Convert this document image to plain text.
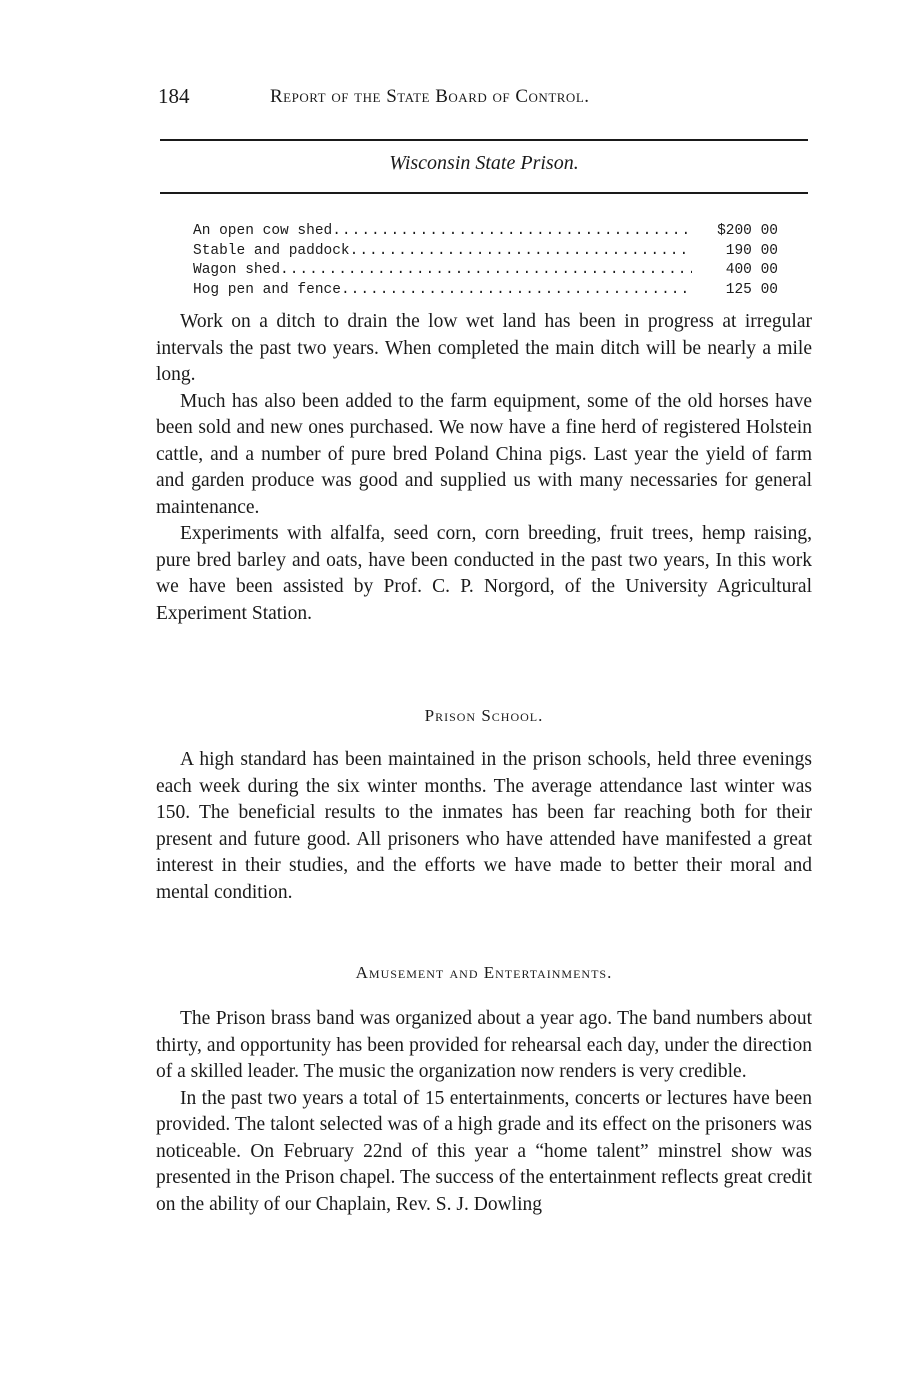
184	Report of the State Board of Control.
Wisconsin State Prison.
An open cow shed .....	$200 00
Stable and paddock .....	190 00
Wagon shed .....	400 00
Hog pen and fence .....	125 00

Work on a ditch to drain the low wet land has been in progress at irregular intervals the past two years. When completed the main ditch will be nearly a mile long.

Much has also been added to the farm equipment, some of the old horses have been sold and new ones purchased. We now have a fine herd of registered Holstein cattle, and a number of pure bred Poland China pigs. Last year the yield of farm and garden produce was good and supplied us with many necessaries for general maintenance.

Experiments with alfalfa, seed corn, corn breeding, fruit trees, hemp raising, pure bred barley and oats, have been conducted in the past two years, In this work we have been assisted by Prof. C. P. Norgord, of the University Agricultural Experiment Station.

Prison School.

A high standard has been maintained in the prison schools, held three evenings each week during the six winter months. The average attendance last winter was 150. The beneficial results to the inmates has been far reaching both for their present and future good. All prisoners who have attended have manifested a great interest in their studies, and the efforts we have made to better their moral and mental condition.

Amusement and Entertainments.

The Prison brass band was organized about a year ago. The band numbers about thirty, and opportunity has been provided for rehearsal each day, under the direction of a skilled leader. The music the organization now renders is very credible.

In the past two years a total of 15 entertainments, concerts or lectures have been provided. The talont selected was of a high grade and its effect on the prisoners was noticeable. On February 22nd of this year a “home talent” minstrel show was presented in the Prison chapel. The success of the entertainment reflects great credit on the ability of our Chaplain, Rev. S. J. Dowling
